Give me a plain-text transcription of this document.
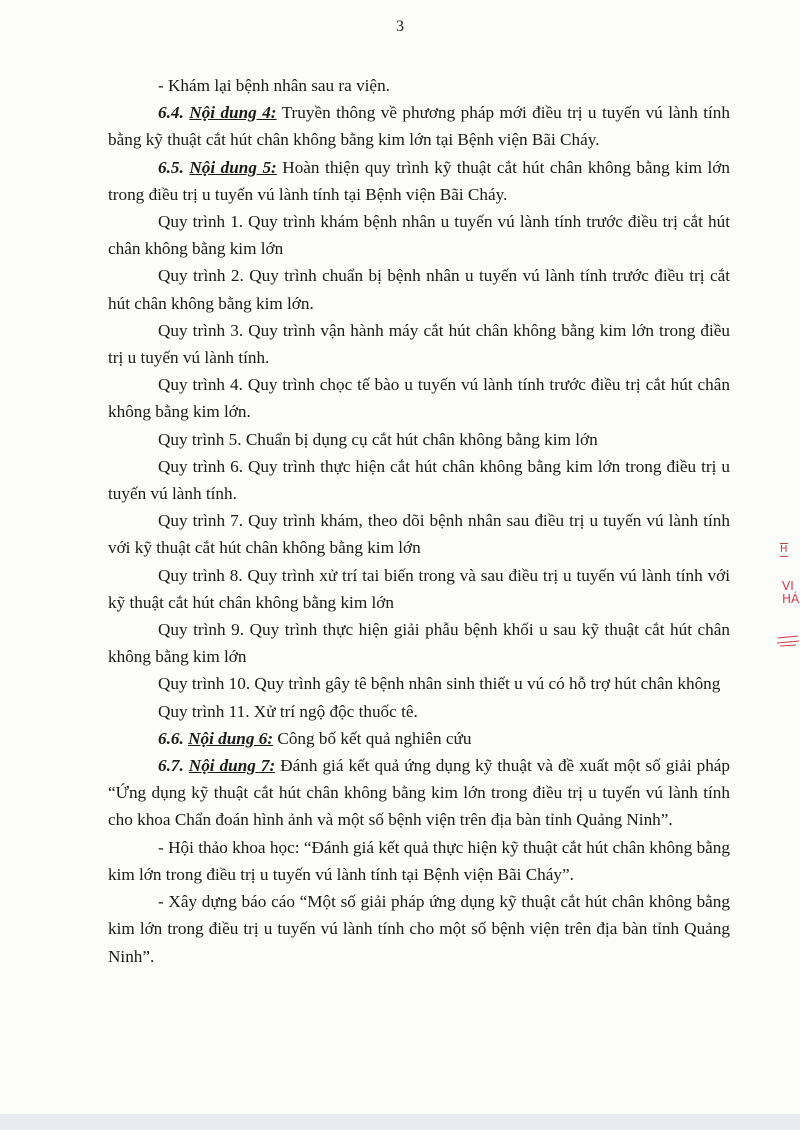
3

- Khám lại bệnh nhân sau ra viện.

6.4. Nội dung 4: Truyền thông về phương pháp mới điều trị u tuyến vú lành tính bằng kỹ thuật cắt hút chân không bằng kim lớn tại Bệnh viện Bãi Cháy.

6.5. Nội dung 5: Hoàn thiện quy trình kỹ thuật cắt hút chân không bằng kim lớn trong điều trị u tuyến vú lành tính tại Bệnh viện Bãi Cháy.

Quy trình 1. Quy trình khám bệnh nhân u tuyến vú lành tính trước điều trị cắt hút chân không bằng kim lớn

Quy trình 2. Quy trình chuẩn bị bệnh nhân u tuyến vú lành tính trước điều trị cắt hút chân không bằng kim lớn.

Quy trình 3. Quy trình vận hành máy cắt hút chân không bằng kim lớn trong điều trị u tuyến vú lành tính.

Quy trình 4. Quy trình chọc tế bào u tuyến vú lành tính trước điều trị cắt hút chân không bằng kim lớn.

Quy trình 5. Chuẩn bị dụng cụ cắt hút chân không bằng kim lớn

Quy trình 6. Quy trình thực hiện cắt hút chân không bằng kim lớn trong điều trị u tuyến vú lành tính.

Quy trình 7. Quy trình khám, theo dõi bệnh nhân sau điều trị u tuyến vú lành tính với kỹ thuật cắt hút chân không bằng kim lớn

Quy trình 8. Quy trình xử trí tai biến trong và sau điều trị u tuyến vú lành tính với kỹ thuật cắt hút chân không bằng kim lớn

Quy trình 9. Quy trình thực hiện giải phẫu bệnh khối u sau kỹ thuật cắt hút chân không bằng kim lớn

Quy trình 10. Quy trình gây tê bệnh nhân sinh thiết u vú có hỗ trợ hút chân không

Quy trình 11. Xử trí ngộ độc thuốc tê.

6.6. Nội dung 6: Công bố kết quả nghiên cứu

6.7. Nội dung 7: Đánh giá kết quả ứng dụng kỹ thuật và đề xuất một số giải pháp “Ứng dụng kỹ thuật cắt hút chân không bằng kim lớn trong điều trị u tuyến vú lành tính cho khoa Chẩn đoán hình ảnh và một số bệnh viện trên địa bàn tỉnh Quảng Ninh”.

- Hội thảo khoa học: “Đánh giá kết quả thực hiện kỹ thuật cắt hút chân không bằng kim lớn trong điều trị u tuyến vú lành tính tại Bệnh viện Bãi Cháy”.

- Xây dựng báo cáo “Một số giải pháp ứng dụng kỹ thuật cắt hút chân không bằng kim lớn trong điều trị u tuyến vú lành tính cho một số bệnh viện trên địa bàn tỉnh Quảng Ninh”.

H
VI
HÁ
